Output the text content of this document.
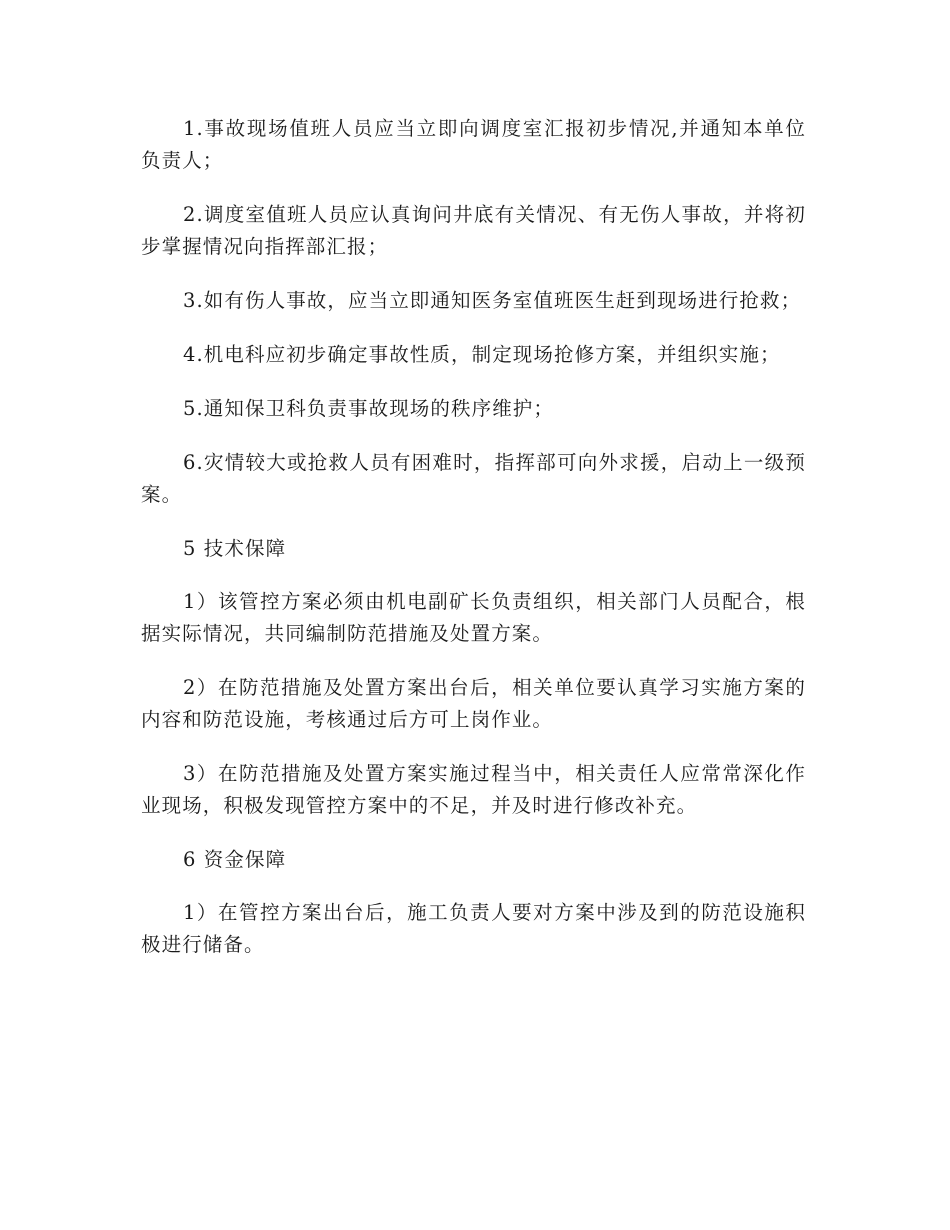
1.事故现场值班人员应当立即向调度室汇报初步情况,并通知本单位负责人；

2.调度室值班人员应认真询问井底有关情况、有无伤人事故，并将初步掌握情况向指挥部汇报；

3.如有伤人事故，应当立即通知医务室值班医生赶到现场进行抢救；

4.机电科应初步确定事故性质，制定现场抢修方案，并组织实施；

5.通知保卫科负责事故现场的秩序维护；

6.灾情较大或抢救人员有困难时，指挥部可向外求援，启动上一级预案。

5 技术保障

1）该管控方案必须由机电副矿长负责组织，相关部门人员配合，根据实际情况，共同编制防范措施及处置方案。

2）在防范措施及处置方案出台后，相关单位要认真学习实施方案的内容和防范设施，考核通过后方可上岗作业。

3）在防范措施及处置方案实施过程当中，相关责任人应常常深化作业现场，积极发现管控方案中的不足，并及时进行修改补充。

6 资金保障

1）在管控方案出台后，施工负责人要对方案中涉及到的防范设施积极进行储备。
